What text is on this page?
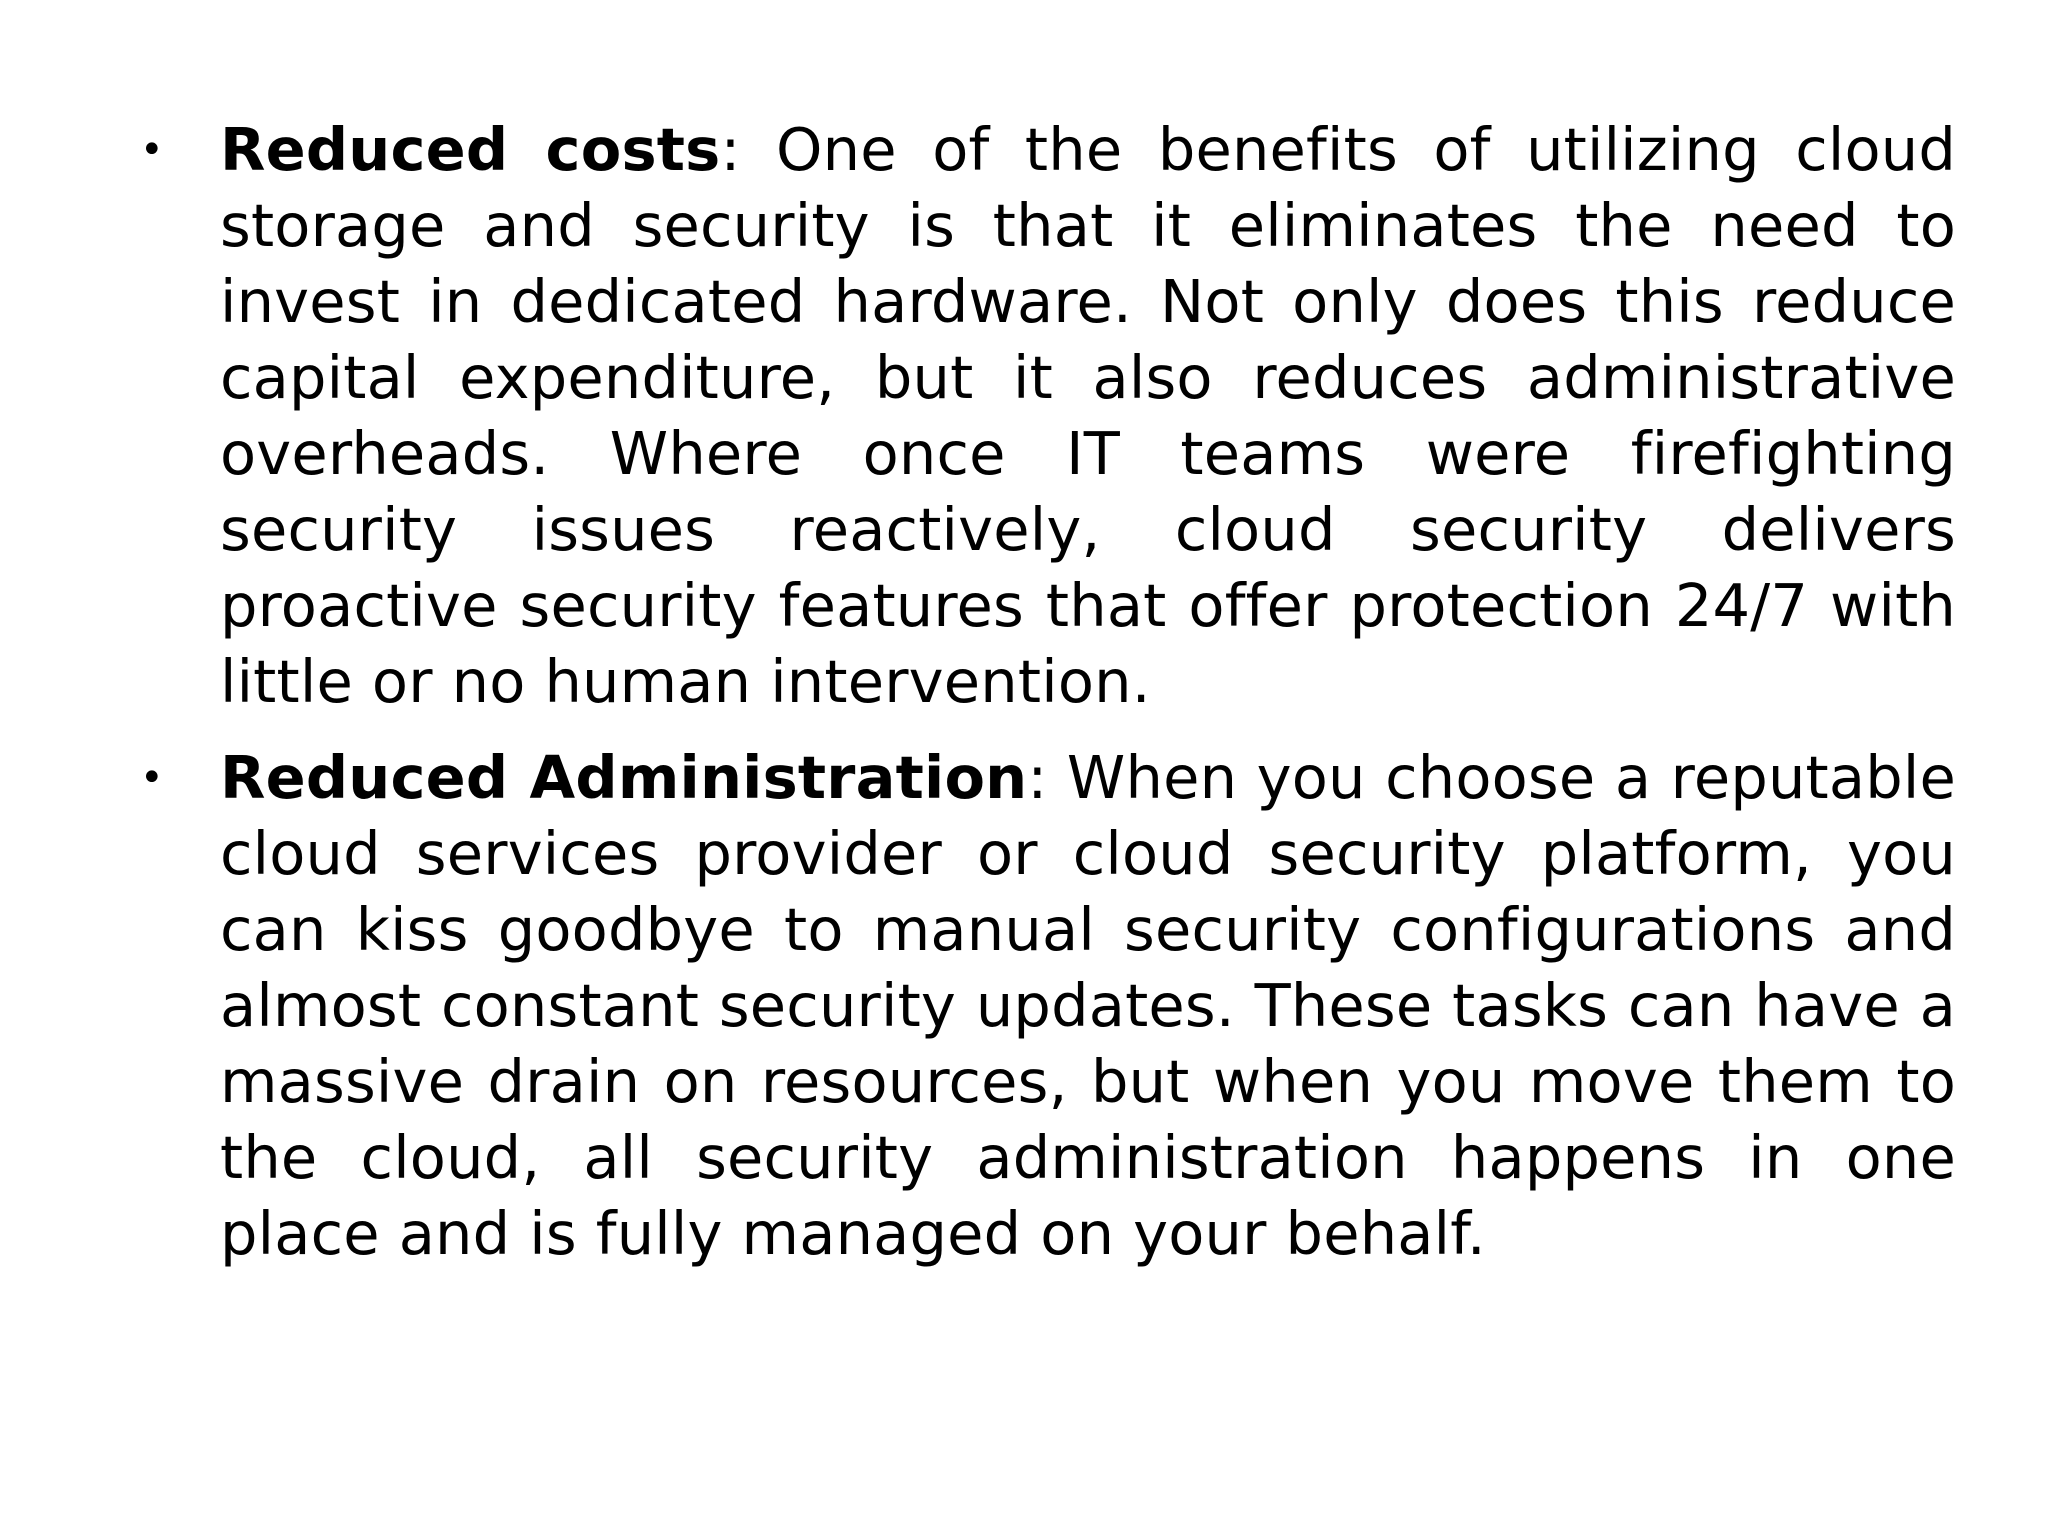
• Reduced costs: One of the benefits of utilizing cloud storage and security is that it eliminates the need to invest in dedicated hardware. Not only does this reduce capital expenditure, but it also reduces administrative overheads. Where once IT teams were firefighting security issues reactively, cloud security delivers proactive security features that offer protection 24/7 with little or no human intervention.
• Reduced Administration: When you choose a reputable cloud services provider or cloud security platform, you can kiss goodbye to manual security configurations and almost constant security updates. These tasks can have a massive drain on resources, but when you move them to the cloud, all security administration happens in one place and is fully managed on your behalf.
